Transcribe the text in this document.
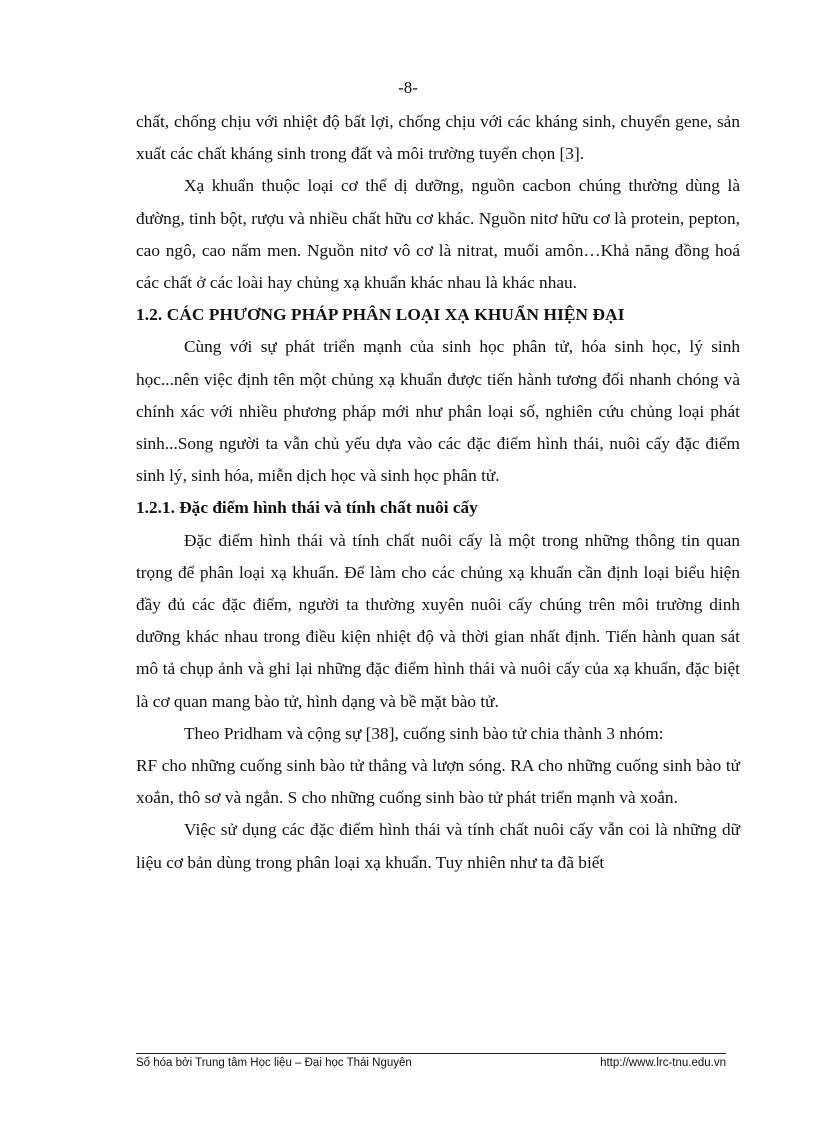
-8-

chất, chống chịu với nhiệt độ bất lợi, chống chịu với các kháng sinh, chuyển gene, sản xuất các chất kháng sinh trong đất và môi trường tuyển chọn [3].

Xạ khuẩn thuộc loại cơ thể dị dưỡng, nguồn cacbon chúng thường dùng là đường, tinh bột, rượu và nhiều chất hữu cơ khác. Nguồn nitơ hữu cơ là protein, pepton, cao ngô, cao nấm men. Nguồn nitơ vô cơ là nitrat, muối amôn…Khả năng đồng hoá các chất ở các loài hay chủng xạ khuẩn khác nhau là khác nhau.

1.2. CÁC PHƯƠNG PHÁP PHÂN LOẠI XẠ KHUẨN HIỆN ĐẠI

Cùng với sự phát triển mạnh của sinh học phân tử, hóa sinh học, lý sinh học...nên việc định tên một chủng xạ khuẩn được tiến hành tương đối nhanh chóng và chính xác với nhiều phương pháp mới như phân loại số, nghiên cứu chủng loại phát sinh...Song người ta vẫn chủ yếu dựa vào các đặc điểm hình thái, nuôi cấy đặc điểm sinh lý, sinh hóa, miễn dịch học và sinh học phân tử.

1.2.1. Đặc điểm hình thái và tính chất nuôi cấy

Đặc điểm hình thái và tính chất nuôi cấy là một trong những thông tin quan trọng để phân loại xạ khuẩn. Để làm cho các chủng xạ khuẩn cần định loại biểu hiện đầy đủ các đặc điểm, người ta thường xuyên nuôi cấy chúng trên môi trường dinh dưỡng khác nhau trong điều kiện nhiệt độ và thời gian nhất định. Tiến hành quan sát mô tả chụp ảnh và ghi lại những đặc điểm hình thái và nuôi cấy của xạ khuẩn, đặc biệt là cơ quan mang bào tử, hình dạng và bề mặt bào tử.

Theo Pridham và cộng sự [38], cuống sinh bào tử chia thành 3 nhóm:

RF cho những cuống sinh bào tử thẳng và lượn sóng. RA cho những cuống sinh bào tử xoắn, thô sơ và ngắn. S cho những cuống sinh bào tử phát triển mạnh và xoắn.

Việc sử dụng các đặc điểm hình thái và tính chất nuôi cấy vẫn coi là những dữ liệu cơ bản dùng trong phân loại xạ khuẩn. Tuy nhiên như ta đã biết

Số hóa bởi Trung tâm Học liệu – Đại học Thái Nguyên	http://www.lrc-tnu.edu.vn
